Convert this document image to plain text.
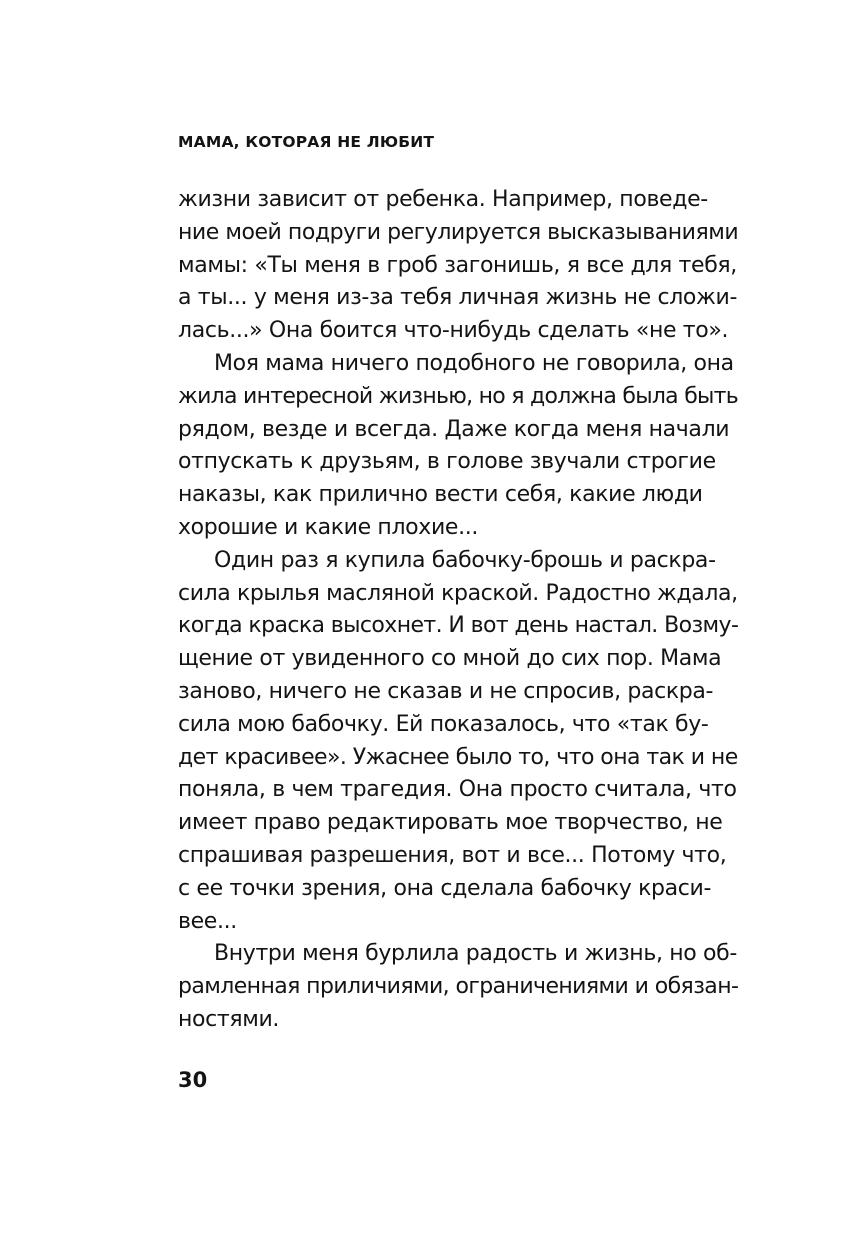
МАМА, КОТОРАЯ НЕ ЛЮБИТ
жизни зависит от ребенка. Например, поведе-
ние моей подруги регулируется высказываниями
мамы: «Ты меня в гроб загонишь, я все для тебя,
а ты... у меня из-за тебя личная жизнь не сложи-
лась...» Она боится что-нибудь сделать «не то».
Моя мама ничего подобного не говорила, она
жила интересной жизнью, но я должна была быть
рядом, везде и всегда. Даже когда меня начали
отпускать к друзьям, в голове звучали строгие
наказы, как прилично вести себя, какие люди
хорошие и какие плохие...
Один раз я купила бабочку-брошь и раскра-
сила крылья масляной краской. Радостно ждала,
когда краска высохнет. И вот день настал. Возму-
щение от увиденного со мной до сих пор. Мама
заново, ничего не сказав и не спросив, раскра-
сила мою бабочку. Ей показалось, что «так бу-
дет красивее». Ужаснее было то, что она так и не
поняла, в чем трагедия. Она просто считала, что
имеет право редактировать мое творчество, не
спрашивая разрешения, вот и все... Потому что,
с ее точки зрения, она сделала бабочку краси-
вее...
Внутри меня бурлила радость и жизнь, но об-
рамленная приличиями, ограничениями и обязан-
ностями.
30
